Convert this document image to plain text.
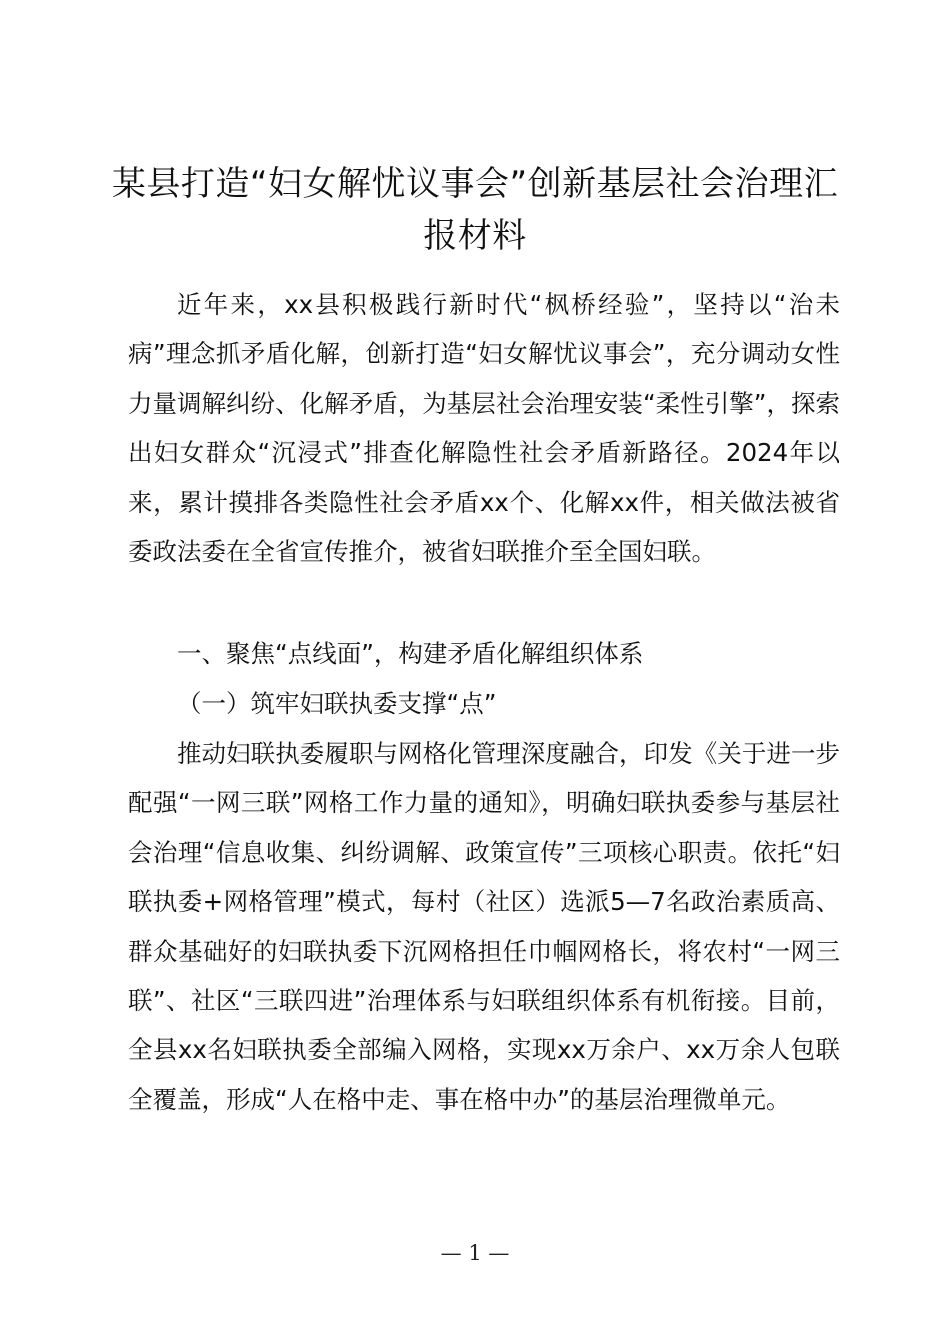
某县打造“妇女解忧议事会”创新基层社会治理汇报材料

近年来，xx县积极践行新时代“枫桥经验”，坚持以“治未病”理念抓矛盾化解，创新打造“妇女解忧议事会”，充分调动女性力量调解纠纷、化解矛盾，为基层社会治理安装“柔性引擎”，探索出妇女群众“沉浸式”排查化解隐性社会矛盾新路径。2024年以来，累计摸排各类隐性社会矛盾xx个、化解xx件，相关做法被省委政法委在全省宣传推介，被省妇联推介至全国妇联。

一、聚焦“点线面”，构建矛盾化解组织体系

（一）筑牢妇联执委支撑“点”

推动妇联执委履职与网格化管理深度融合，印发《关于进一步配强“一网三联”网格工作力量的通知》，明确妇联执委参与基层社会治理“信息收集、纠纷调解、政策宣传”三项核心职责。依托“妇联执委+网格管理”模式，每村（社区）选派5—7名政治素质高、群众基础好的妇联执委下沉网格担任巾帼网格长，将农村“一网三联”、社区“三联四进”治理体系与妇联组织体系有机衔接。目前，全县xx名妇联执委全部编入网格，实现xx万余户、xx万余人包联全覆盖，形成“人在格中走、事在格中办”的基层治理微单元。

— 1 —
